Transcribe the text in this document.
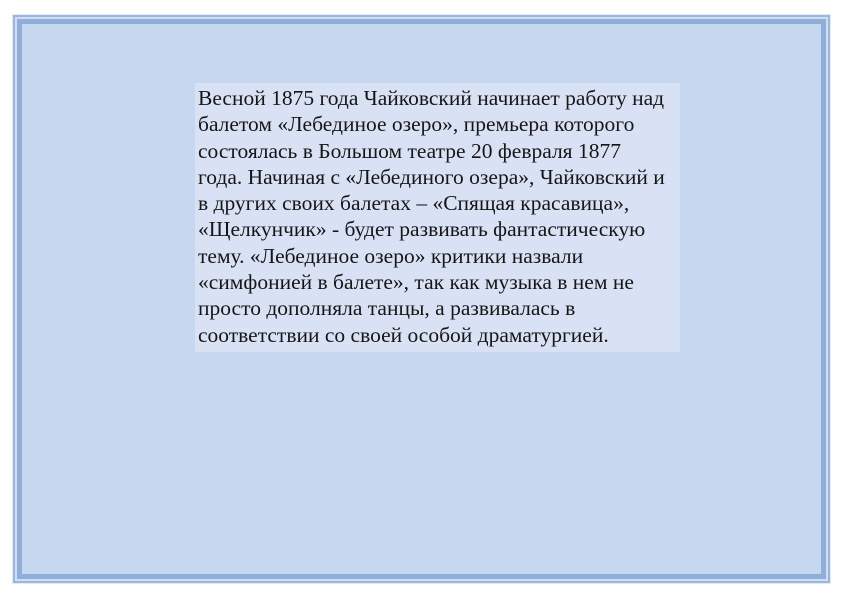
Весной 1875 года Чайковский начинает работу над
балетом «Лебединое озеро», премьера которого
состоялась в Большом театре 20 февраля 1877
года. Начиная с «Лебединого озера», Чайковский и
в других своих балетах – «Спящая красавица»,
«Щелкунчик» - будет развивать фантастическую
тему. «Лебединое озеро» критики назвали
«симфонией в балете», так как музыка в нем не
просто дополняла танцы, а развивалась в
соответствии со своей особой драматургией.
